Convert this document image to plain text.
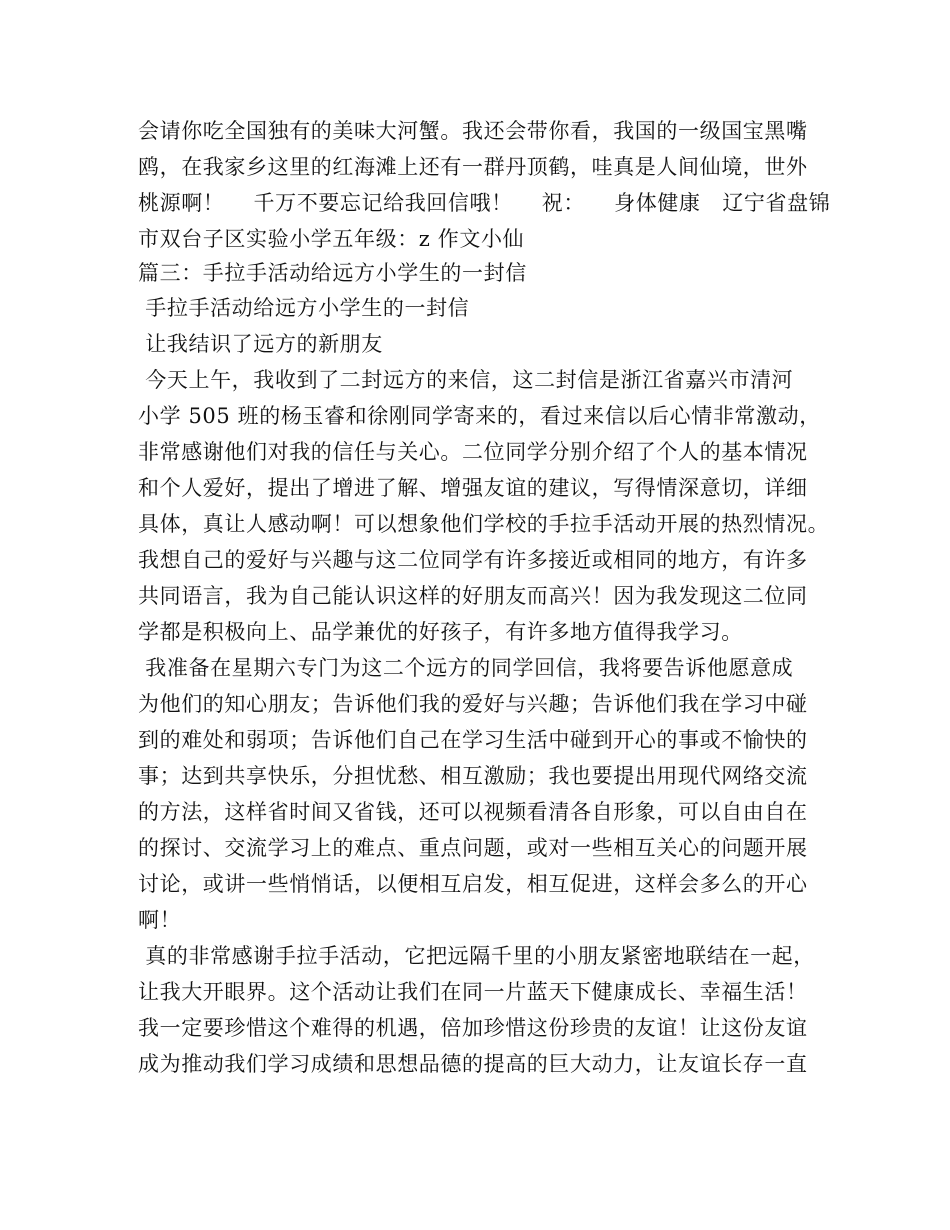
会请你吃全国独有的美味大河蟹。我还会带你看，我国的一级国宝黑嘴
鸥，在我家乡这里的红海滩上还有一群丹顶鹤，哇真是人间仙境，世外
桃源啊！    千万不要忘记给我回信哦！    祝：    身体健康   辽宁省盘锦
市双台子区实验小学五年级：z 作文小仙
篇三：手拉手活动给远方小学生的一封信
手拉手活动给远方小学生的一封信
让我结识了远方的新朋友
今天上午，我收到了二封远方的来信，这二封信是浙江省嘉兴市清河
小学 505 班的杨玉睿和徐刚同学寄来的，看过来信以后心情非常激动，
非常感谢他们对我的信任与关心。二位同学分别介绍了个人的基本情况
和个人爱好，提出了增进了解、增强友谊的建议，写得情深意切，详细
具体，真让人感动啊！可以想象他们学校的手拉手活动开展的热烈情况。
我想自己的爱好与兴趣与这二位同学有许多接近或相同的地方，有许多
共同语言，我为自己能认识这样的好朋友而高兴！因为我发现这二位同
学都是积极向上、品学兼优的好孩子，有许多地方值得我学习。
我准备在星期六专门为这二个远方的同学回信，我将要告诉他愿意成
为他们的知心朋友；告诉他们我的爱好与兴趣；告诉他们我在学习中碰
到的难处和弱项；告诉他们自己在学习生活中碰到开心的事或不愉快的
事；达到共享快乐，分担忧愁、相互激励；我也要提出用现代网络交流
的方法，这样省时间又省钱，还可以视频看清各自形象，可以自由自在
的探讨、交流学习上的难点、重点问题，或对一些相互关心的问题开展
讨论，或讲一些悄悄话，以便相互启发，相互促进，这样会多么的开心
啊！
真的非常感谢手拉手活动，它把远隔千里的小朋友紧密地联结在一起，
让我大开眼界。这个活动让我们在同一片蓝天下健康成长、幸福生活！
我一定要珍惜这个难得的机遇，倍加珍惜这份珍贵的友谊！让这份友谊
成为推动我们学习成绩和思想品德的提高的巨大动力，让友谊长存一直
